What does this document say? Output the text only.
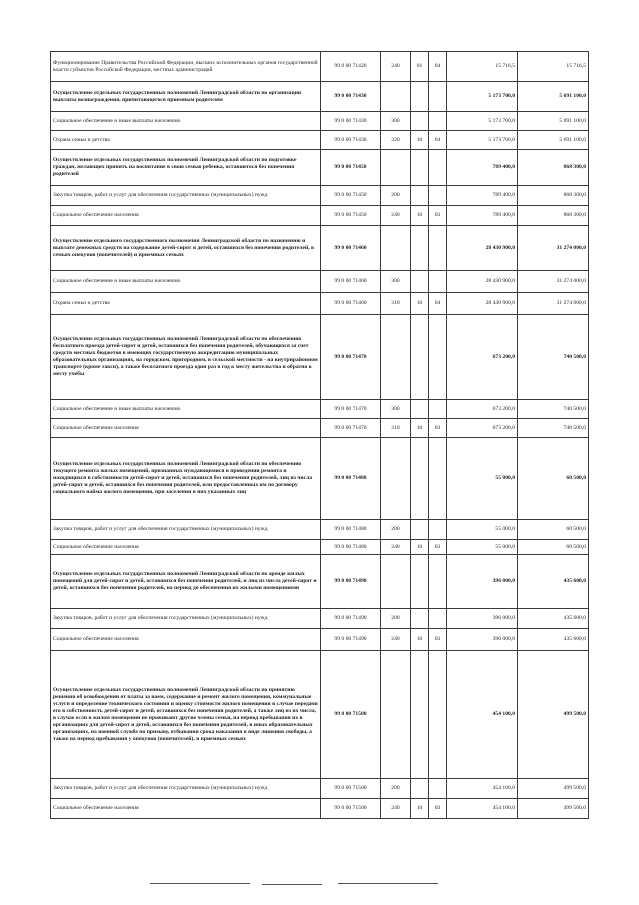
Функционирование Правительства Российской Федерации, высших исполнительных органов государственной власти субъектов Российской Федерации, местных администраций	99 0 00 71420	240	01	04	15 716,5	15 716,5
Осуществление отдельных государственных полномочий Ленинградской области по организации выплаты вознаграждения, причитающегося приемным родителям	99 0 00 71430				5 173 700,0	5 691 100,0
Социальное обеспечение и иные выплаты населению	99 0 00 71430	300			5 173 700,0	5 691 100,0
Охрана семьи и детства	99 0 00 71430	320	10	04	5 173 700,0	5 691 100,0
Осуществление отдельных государственных полномочий Ленинградской области по подготовке граждан, желающих принять на воспитание в свою семью ребенка, оставшегося без попечения родителей	99 0 00 71450				789 400,0	868 300,0
Закупка товаров, работ и услуг для обеспечения государственных (муниципальных) нужд	99 0 00 71450	200			789 400,0	868 300,0
Социальное обеспечение населения	99 0 00 71450	240	10	03	789 400,0	868 300,0
Осуществление отдельного государственного полномочия Ленинградской области по назначению и выплате денежных средств на содержание детей-сирот и детей, оставшихся без попечения родителей, в семьях опекунов (попечителей) и приемных семьях	99 0 00 71460				28 430 900,0	31 274 000,0
Социальное обеспечение и иные выплаты населению	99 0 00 71460	300			28 430 900,0	31 274 000,0
Охрана семьи и детства	99 0 00 71460	310	10	04	28 430 900,0	31 274 000,0
Осуществление отдельных государственных полномочий Ленинградской области по обеспечению бесплатного проезда детей-сирот и детей, оставшихся без попечения родителей, обучающихся за счет средств местных бюджетов в имеющих государственную аккредитацию муниципальных образовательных организациях, на городском, пригородном, в сельской местности - на внутрирайонном транспорте (кроме такси), а также бесплатного проезда один раз в год к месту жительства и обратно к месту учебы	99 0 00 71470				673 200,0	740 500,0
Социальное обеспечение и иные выплаты населению	99 0 00 71470	300			673 200,0	740 500,0
Социальное обеспечение населения	99 0 00 71470	310	10	03	673 200,0	740 500,0
Осуществление отдельных государственных полномочий Ленинградской области по обеспечению текущего ремонта жилых помещений, признанных нуждающимися в проведении ремонта и находящихся в собственности детей-сирот и детей, оставшихся без попечения родителей, лиц из числа детей-сирот и детей, оставшихся без попечения родителей, или предоставленных им по договору социального найма жилого помещения, при заселении в них указанных лиц	99 0 00 71480				55 000,0	60 500,0
Закупка товаров, работ и услуг для обеспечения государственных (муниципальных) нужд	99 0 00 71480	200			55 000,0	60 500,0
Социальное обеспечение населения	99 0 00 71480	240	10	03	55 000,0	60 500,0
Осуществление отдельных государственных полномочий Ленинградской области по аренде жилых помещений для детей-сирот и детей, оставшихся без попечения родителей, и лиц из числа детей-сирот и детей, оставшихся без попечения родителей, на период до обеспечения их жилыми помещениями	99 0 00 71490				396 000,0	435 600,0
Закупка товаров, работ и услуг для обеспечения государственных (муниципальных) нужд	99 0 00 71490	200			396 000,0	435 600,0
Социальное обеспечение населения	99 0 00 71490	240	10	03	396 000,0	435 600,0
Осуществление отдельных государственных полномочий Ленинградской области по принятию решения об освобождении от платы за наем, содержание и ремонт жилого помещения, коммунальные услуги и определение технического состояния и оценку стоимости жилого помещения в случае передачи его в собственность детей-сирот и детей, оставшихся без попечения родителей, а также лиц из их числа, в случае если в жилом помещении не проживают другие члены семьи, на период пребывания их в организациях для детей-сирот и детей, оставшихся без попечения родителей, в иных образовательных организациях, на военной службе по призыву, отбывания срока наказания в виде лишения свободы, а также на период пребывания у опекунов (попечителей), в приемных семьях	99 0 00 71500				454 100,0	499 500,0
Закупка товаров, работ и услуг для обеспечения государственных (муниципальных) нужд	99 0 00 71500	200			454 100,0	499 500,0
Социальное обеспечение населения	99 0 00 71500	240	10	03	454 100,0	499 500,0
